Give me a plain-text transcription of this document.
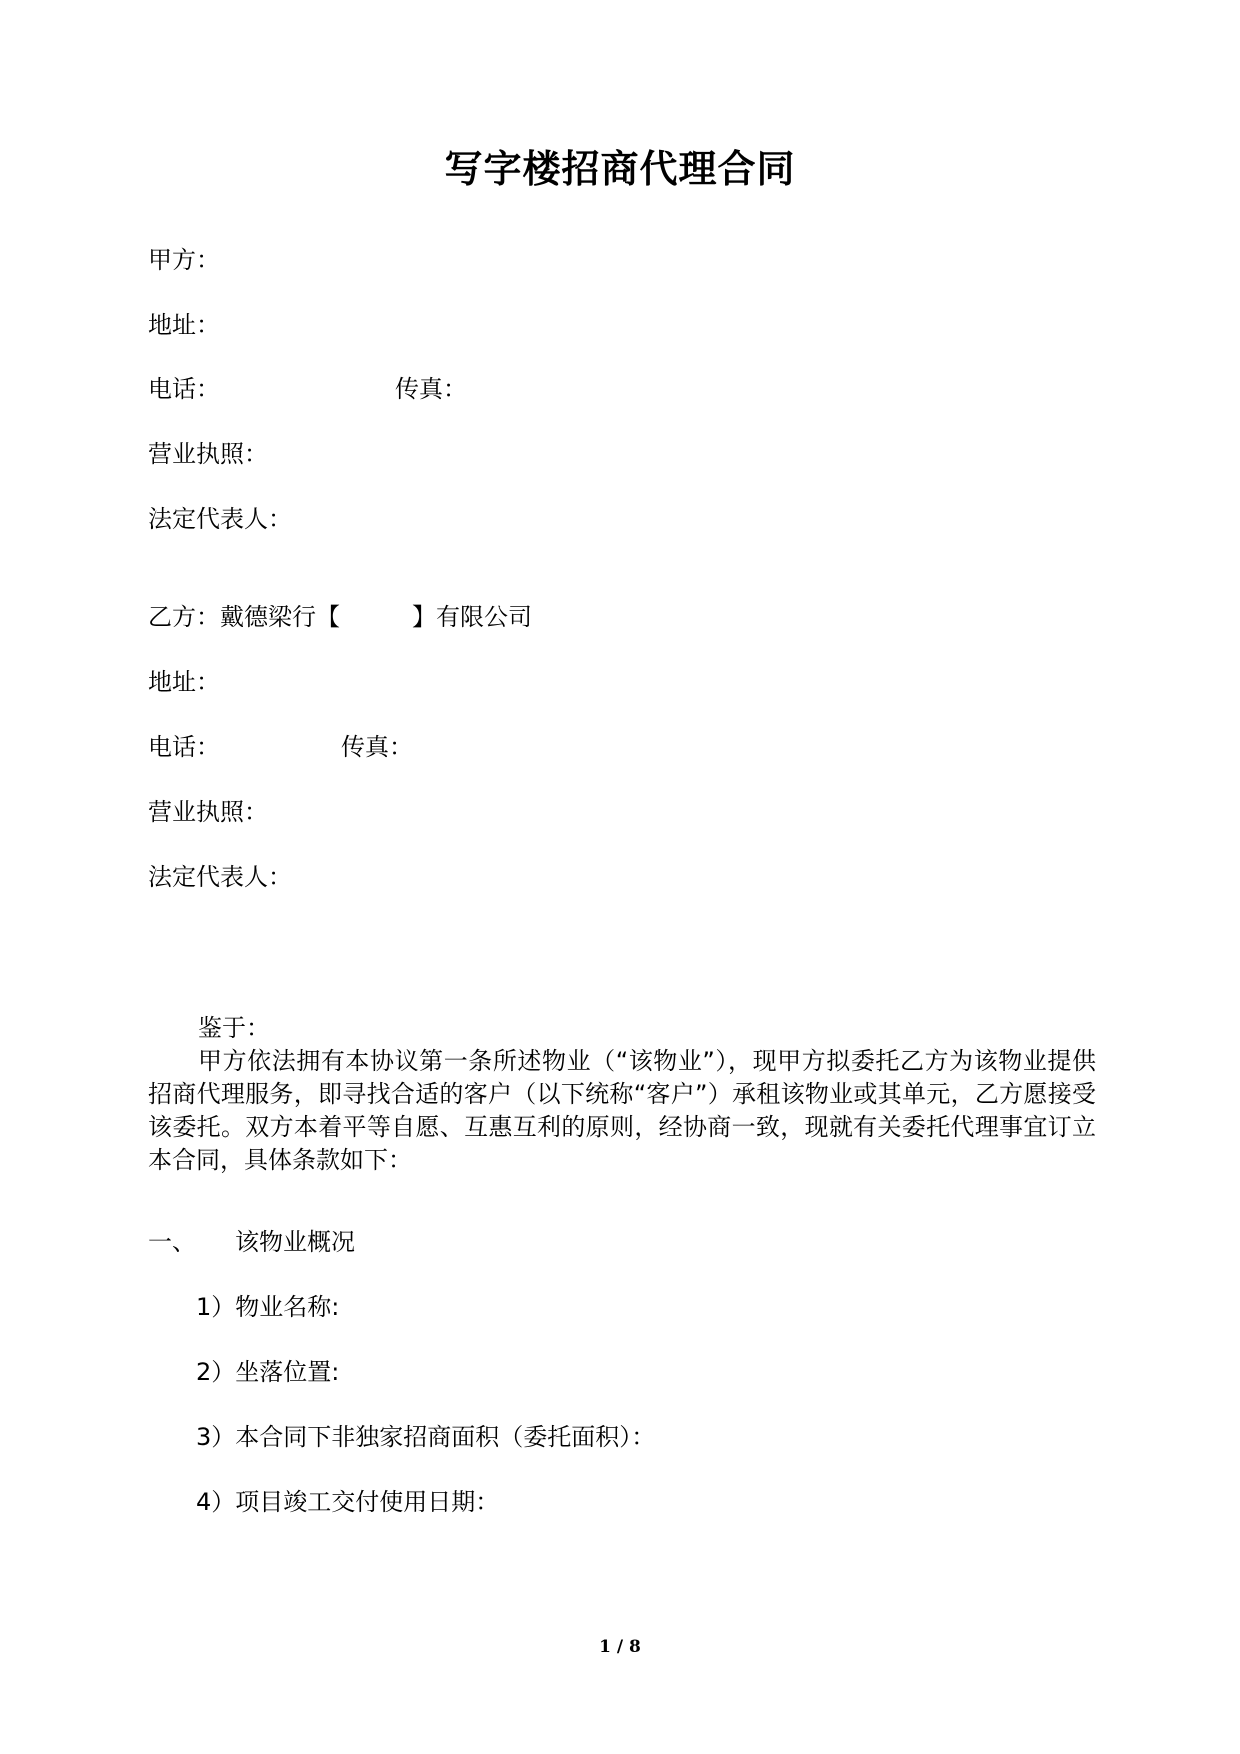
写字楼招商代理合同
甲方：
地址：
电话：	传真：
营业执照：
法定代表人：
乙方：戴德梁行【　　　】有限公司
地址：
电话：	传真：
营业执照：
法定代表人：
鉴于：
甲方依法拥有本协议第一条所述物业（“该物业”），现甲方拟委托乙方为该物业提供招商代理服务，即寻找合适的客户（以下统称“客户”）承租该物业或其单元，乙方愿接受该委托。双方本着平等自愿、互惠互利的原则，经协商一致，现就有关委托代理事宜订立本合同，具体条款如下：
一、 该物业概况
1）物业名称:
2）坐落位置:
3）本合同下非独家招商面积（委托面积）：
4）项目竣工交付使用日期：
1 / 8
